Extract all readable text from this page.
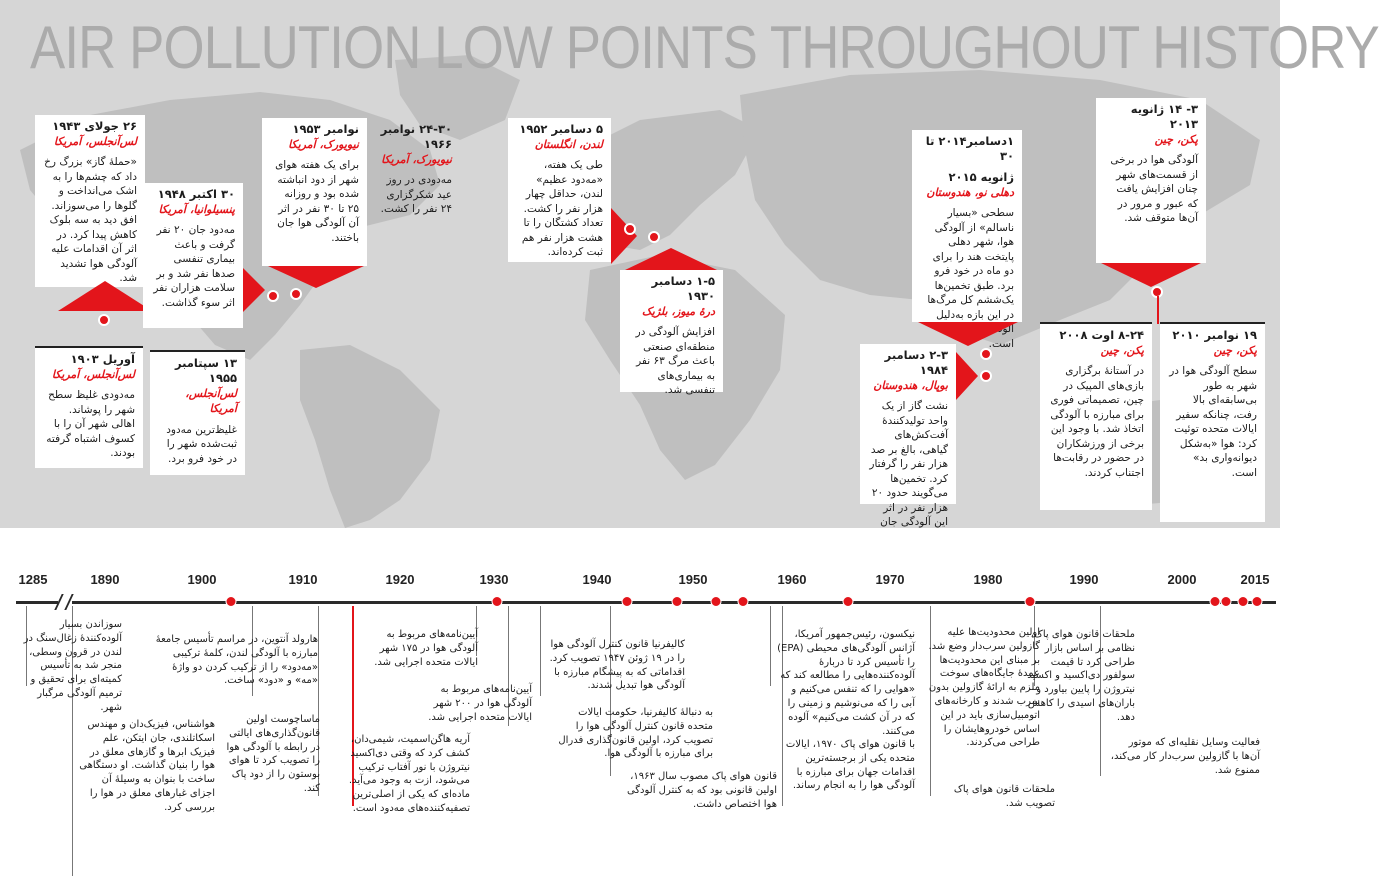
AIR POLLUTION LOW POINTS THROUGHOUT HISTORY
۲۶ جولای ۱۹۴۳
لس‌آنجلس، آمریکا
«حملهٔ گاز» بزرگ رخ داد که چشم‌ها را به اشک می‌انداخت و گلوها را می‌سوزاند. افق دید به سه بلوک کاهش پیدا کرد. در اثر آن اقدامات علیه آلودگی هوا تشدید شد.
۳۰ اکتبر ۱۹۴۸
پنسیلوانیا، آمریکا
مه‌دود جان ۲۰ نفر گرفت و باعث بیماری تنفسی صدها نفر شد و بر سلامت هزاران نفر اثر سوء گذاشت.
نوامبر ۱۹۵۳
نیویورک، آمریکا
برای یک هفته هوای شهر از دود انباشته شده بود و روزانه ۲۵ تا ۳۰ نفر در اثر آن آلودگی هوا جان باختند.
۲۴-۳۰ نوامبر ۱۹۶۶
نیویورک، آمریکا
مه‌دودی در روز عید شکرگزاری ۲۴ نفر را کشت.
۵ دسامبر ۱۹۵۲
لندن، انگلستان
طی یک هفته، «مه‌دود عظیم» لندن، حداقل چهار هزار نفر را کشت. تعداد کشتگان را تا هشت هزار نفر هم ثبت کرده‌اند.
۱-۵ دسامبر ۱۹۳۰
درهٔ میوز، بلژیک
افزایش آلودگی در منطقه‌ای صنعتی باعث مرگ ۶۳ نفر به بیماری‌های تنفسی شد.
۱دسامبر۲۰۱۴ تا ۳۰
ژانویه ۲۰۱۵
دهلی نو، هندوستان
سطحی «بسیار ناسالم» از آلودگی هوا، شهر دهلی پایتخت هند را برای دو ماه در خود فرو برد. طبق تخمین‌ها یک‌ششم کل مرگ‌ها در این بازه به‌دلیل آلودگی هوا بوده است.
۲-۳ دسامبر ۱۹۸۴
بوپال، هندوستان
نشت گاز از یک واحد تولیدکنندهٔ آفت‌کش‌های گیاهی، بالغ بر صد هزار نفر را گرفتار کرد. تخمین‌ها می‌گویند حدود ۲۰ هزار نفر در اثر این آلودگی جان
۳- ۱۴ ژانویه ۲۰۱۳
پکن، چین
آلودگی هوا در برخی از قسمت‌های شهر چنان افزایش یافت که عبور و مرور در آن‌ها متوقف شد.
۸-۲۴ اوت ۲۰۰۸
پکن، چین
در آستانهٔ برگزاری بازی‌های المپیک در چین، تصمیماتی فوری برای مبارزه با آلودگی اتخاذ شد. با وجود این برخی از ورزشکاران در حضور در رقابت‌ها اجتناب کردند.
۱۹ نوامبر ۲۰۱۰
پکن، چین
سطح آلودگی هوا در شهر به‌ طور بی‌سابقه‌ای بالا رفت، چنانکه سفیر ایالات متحده توئیت کرد: هوا «به‌شکل دیوانه‌واری بد» است.
آوریل ۱۹۰۳
لس‌آنجلس، آمریکا
مه‌دودی غلیظ سطح شهر را پوشاند. اهالی شهر آن را با کسوف اشتباه گرفته بودند.
۱۳ سپتامبر ۱۹۵۵
لس‌آنجلس، آمریکا
غلیظ‌ترین مه‌دود ثبت‌شده شهر را در خود فرو برد.
1285	1890	1900	1910	1920	1930	1940	1950	1960	1970	1980	1990	2000	2015
سوزاندن بسیار آلوده‌کنندهٔ زغال‌سنگ در لندن در قرون وسطی، منجر شد به تأسیس کمیته‌ای برای تحقیق و ترمیم آلودگی مرگبار شهر.
هواشناس، فیزیک‌دان و مهندس اسکاتلندی، جان ایتکن، علم فیزیک ابرها و گازهای معلق در هوا را بنیان گذاشت. او دستگاهی ساخت با بنوان به وسیلهٔ آن اجزای غبارهای معلق در هوا را بررسی کرد.
هارولد آنتوین، در مراسم تأسیس جامعهٔ مبارزه با آلودگی لندن، کلمهٔ ترکیبی «مه‌دود» را از ترکیب کردن دو واژهٔ «مه» و «دود» ساخت.
ماساچوست اولین قانون‌گذاری‌های ایالتی در رابطه با آلودگی هوا را تصویب کرد تا هوای بوستون را از دود پاک کند.
آریه هاگن‌اسمیت، شیمی‌دان، کشف کرد که وقتی دی‌اکسید نیتروژن با نور آفتاب ترکیب می‌شود، ازت به وجود می‌آید. ماده‌ای که یکی از اصلی‌ترین تصفیه‌کننده‌های مه‌دود است.
آیین‌نامه‌های مربوط به آلودگی هوا در ۱۷۵ شهر ایالات متحده اجرایی شد.
آیین‌نامه‌های مربوط به آلودگی هوا در ۲۰۰ شهر ایالات متحده اجرایی شد.
کالیفرنیا قانون کنترل آلودگی هوا را در ۱۹ ژوئن ۱۹۴۷ تصویب کرد. اقداماتی که به پیشگام مبارزه با آلودگی هوا تبدیل شدند.
به دنبالهٔ کالیفرنیا، حکومت ایالات متحده قانون کنترل آلودگی هوا را تصویب کرد، اولین قانون‌گذاری فدرال برای مبارزه با آلودگی هوا.
قانون هوای پاک مصوب سال ۱۹۶۳، اولین قانونی بود که به کنترل آلودگی هوا اختصاص داشت.
نیکسون، رئیس‌جمهور آمریکا، آژانس آلودگی‌های محیطی (EPA) را تأسیس کرد تا دربارهٔ آلوده‌کننده‌هایی را مطالعه کند که «هوایی را که تنفس می‌کنیم و آبی را که می‌نوشیم و زمینی را که در آن کشت می‌کنیم» آلوده می‌کنند.
با قانون هوای پاک ۱۹۷۰، ایالات متحده یکی از برجسته‌ترین اقدامات جهان برای مبارزه با آلودگی هوا را به انجام رساند.
اولین محدودیت‌ها علیه گازولین سرب‌دار وضع شد. بر مبنای این محدودیت‌ها عمدهٔ جایگاه‌های سوخت ملزم به ارائهٔ گازولین بدون سرب شدند و کارخانه‌های اتومبیل‌سازی باید در این اساس خودروهایشان را طراحی می‌کردند.
ملحقات قانون هوای پاک تصویب شد.
ملحقات قانون هوای پاک، نظامی بر اساس بازار طراحی کرد تا قیمت سولفور دی‌اکسید و اکسید نیتروژن را پایین بیاورد و باران‌های اسیدی را کاهش دهد.
فعالیت وسایل نقلیه‌ای که موتور آن‌ها با گازولین سرب‌دار کار می‌کند، ممنوع شد.
